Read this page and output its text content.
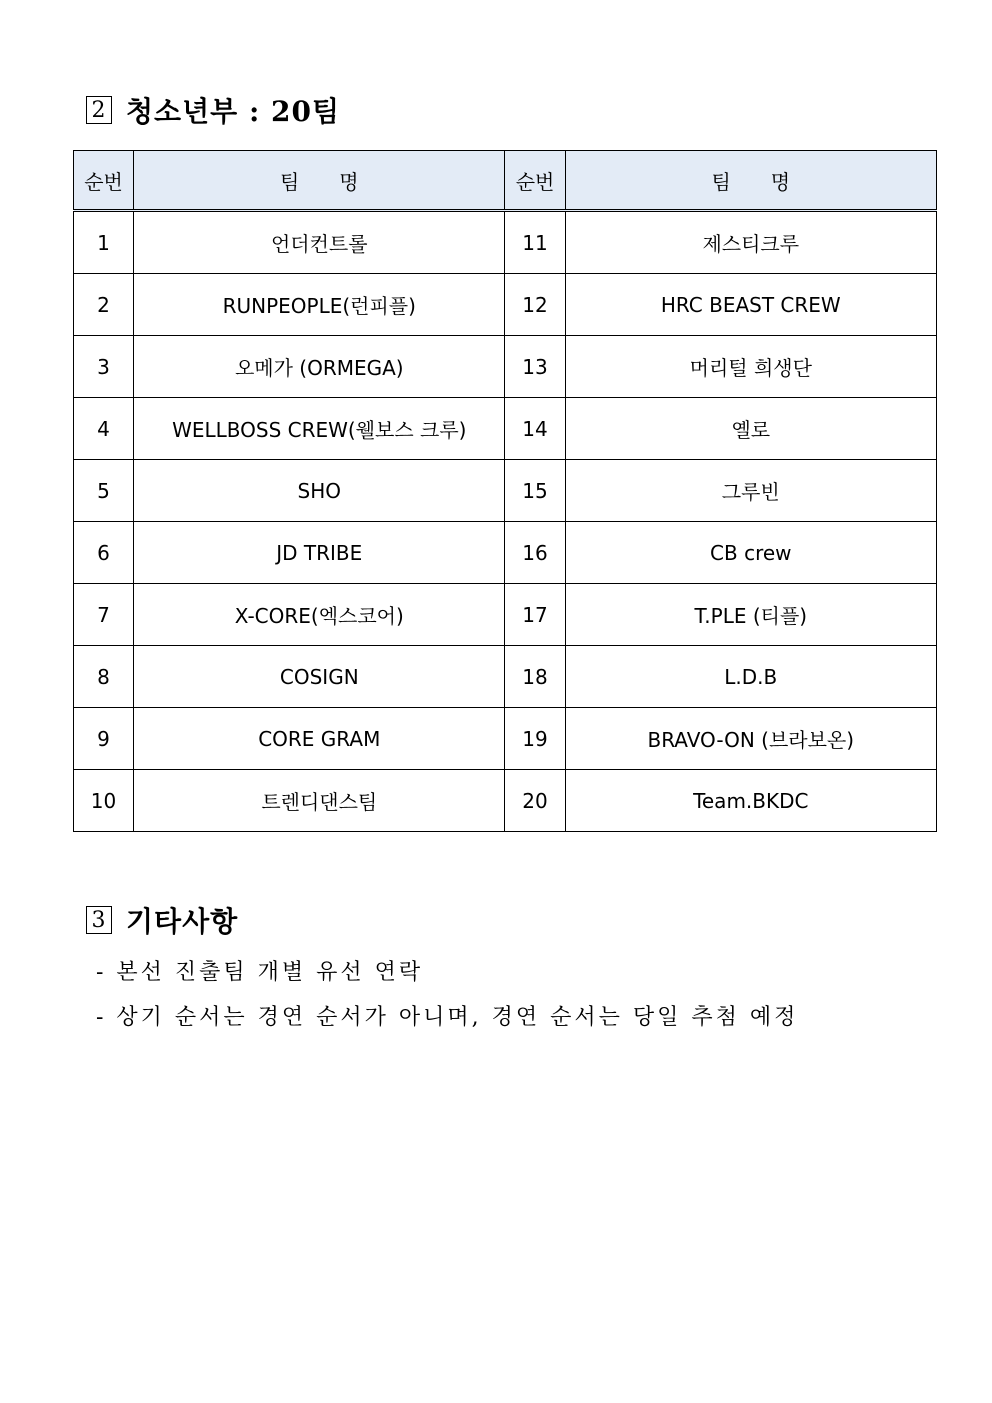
2 청소년부 : 20팀
순번	팀　　명	순번	팀　　명
1	언더컨트롤	11	제스티크루
2	RUNPEOPLE(런피플)	12	HRC BEAST CREW
3	오메가 (ORMEGA)	13	머리털 희생단
4	WELLBOSS CREW(웰보스 크루)	14	옐로
5	SHO	15	그루빈
6	JD TRIBE	16	CB crew
7	X-CORE(엑스코어)	17	T.PLE (티플)
8	COSIGN	18	L.D.B
9	CORE GRAM	19	BRAVO-ON (브라보온)
10	트렌디댄스팀	20	Team.BKDC
3 기타사항
- 본선 진출팀 개별 유선 연락
- 상기 순서는 경연 순서가 아니며, 경연 순서는 당일 추첨 예정
